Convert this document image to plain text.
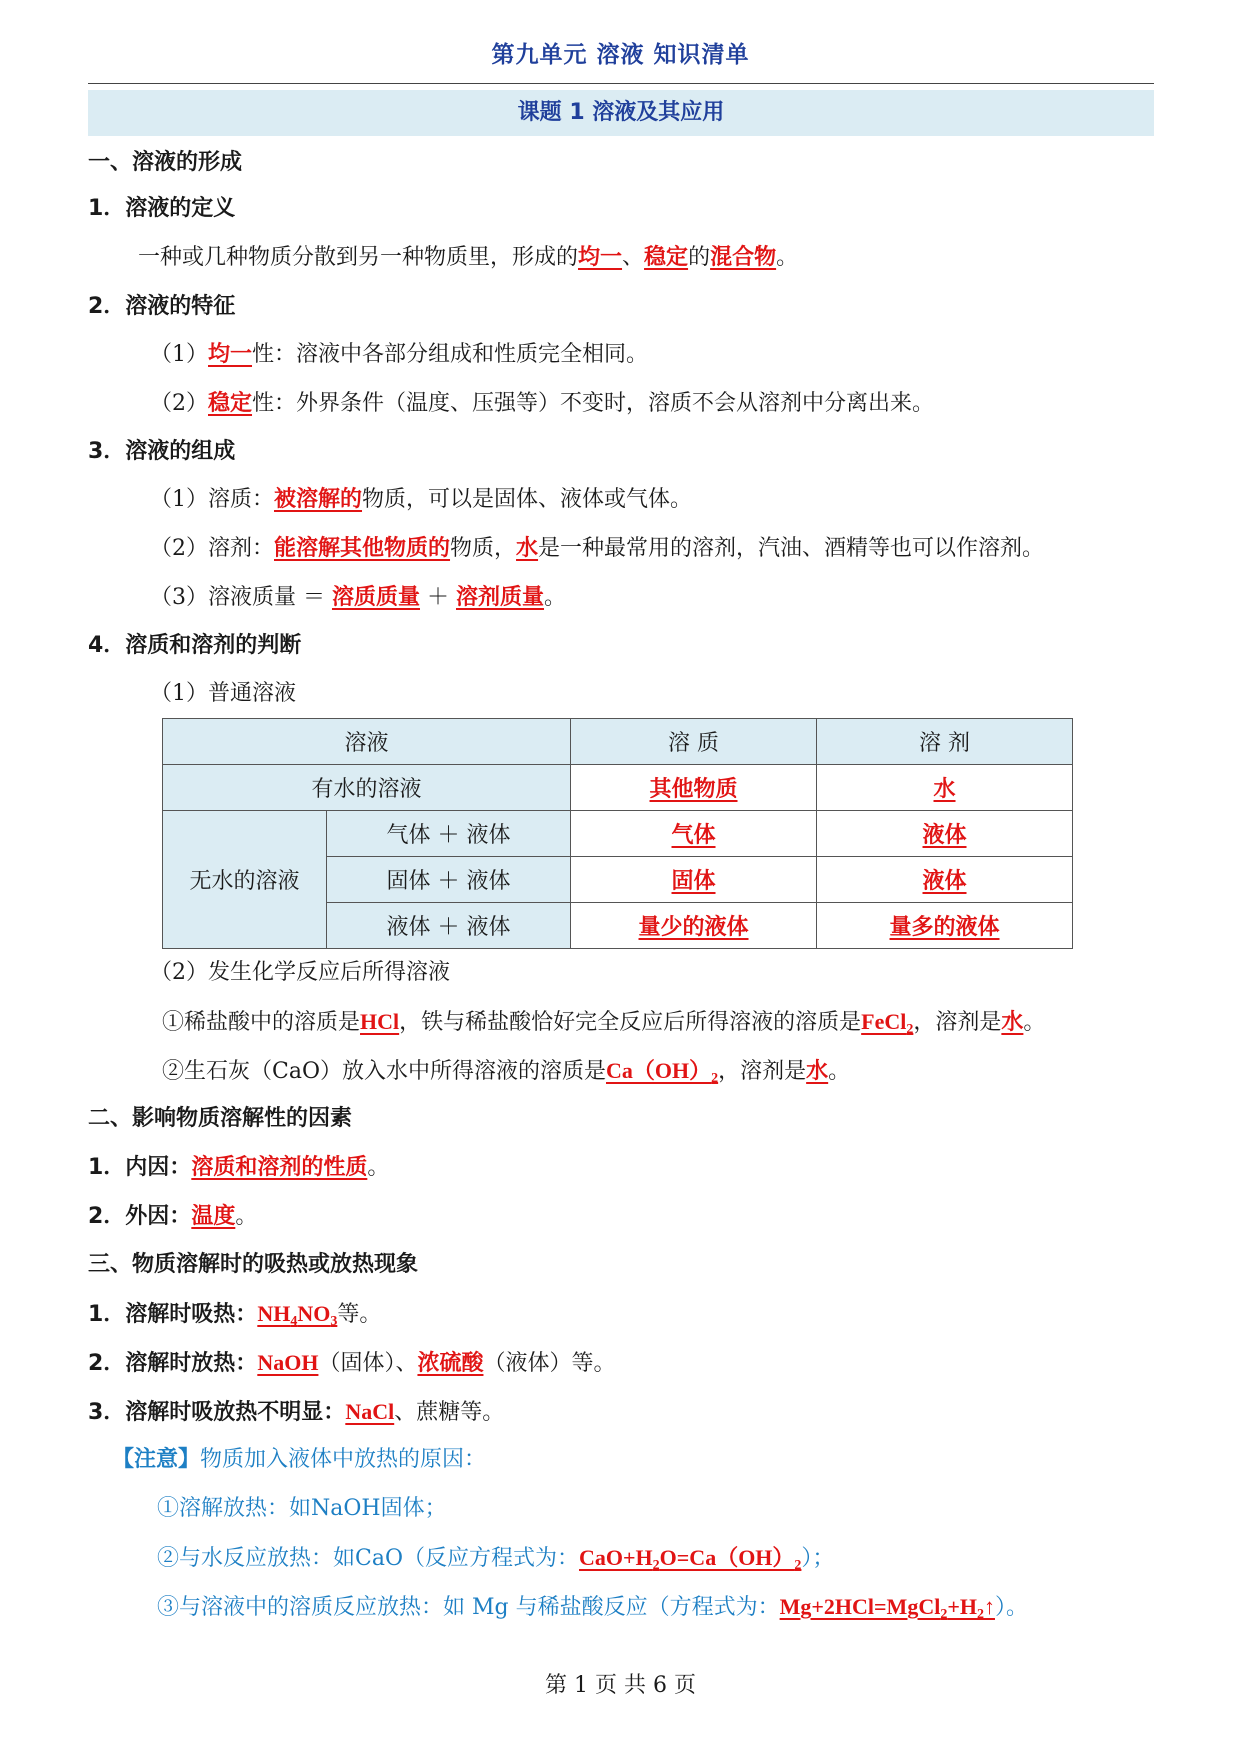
第九单元 溶液 知识清单
课题 1 溶液及其应用
一、溶液的形成
1．溶液的定义
一种或几种物质分散到另一种物质里，形成的均一、稳定的混合物。
2．溶液的特征
（1）均一性：溶液中各部分组成和性质完全相同。
（2）稳定性：外界条件（温度、压强等）不变时，溶质不会从溶剂中分离出来。
3．溶液的组成
（1）溶质：被溶解的物质，可以是固体、液体或气体。
（2）溶剂：能溶解其他物质的物质，水是一种最常用的溶剂，汽油、酒精等也可以作溶剂。
（3）溶液质量 ＝ 溶质质量 ＋ 溶剂质量。
4．溶质和溶剂的判断
（1）普通溶液
溶液		溶 质	溶 剂
有水的溶液		其他物质	水
无水的溶液	气体 ＋ 液体	气体	液体
	固体 ＋ 液体	固体	液体
	液体 ＋ 液体	量少的液体	量多的液体
（2）发生化学反应后所得溶液
①稀盐酸中的溶质是HCl，铁与稀盐酸恰好完全反应后所得溶液的溶质是FeCl$_2$，溶剂是水。
②生石灰（CaO）放入水中所得溶液的溶质是$Ca(OH)_2$，溶剂是水。
二、影响物质溶解性的因素
1．内因：溶质和溶剂的性质。
2．外因：温度。
三、物质溶解时的吸热或放热现象
1．溶解时吸热：$NH_4NO_3$等。
2．溶解时放热：NaOH（固体）、浓硫酸（液体）等。
3．溶解时吸放热不明显：NaCl、蔗糖等。
【注意】物质加入液体中放热的原因：
①溶解放热：如NaOH固体；
②与水反应放热：如CaO（反应方程式为：$CaO+H_2O=Ca(OH)_2$）；
③与溶液中的溶质反应放热：如 Mg 与稀盐酸反应（方程式为：$Mg+2HCl=MgCl_2+H_2↑$）。
第 1 页 共 6 页
